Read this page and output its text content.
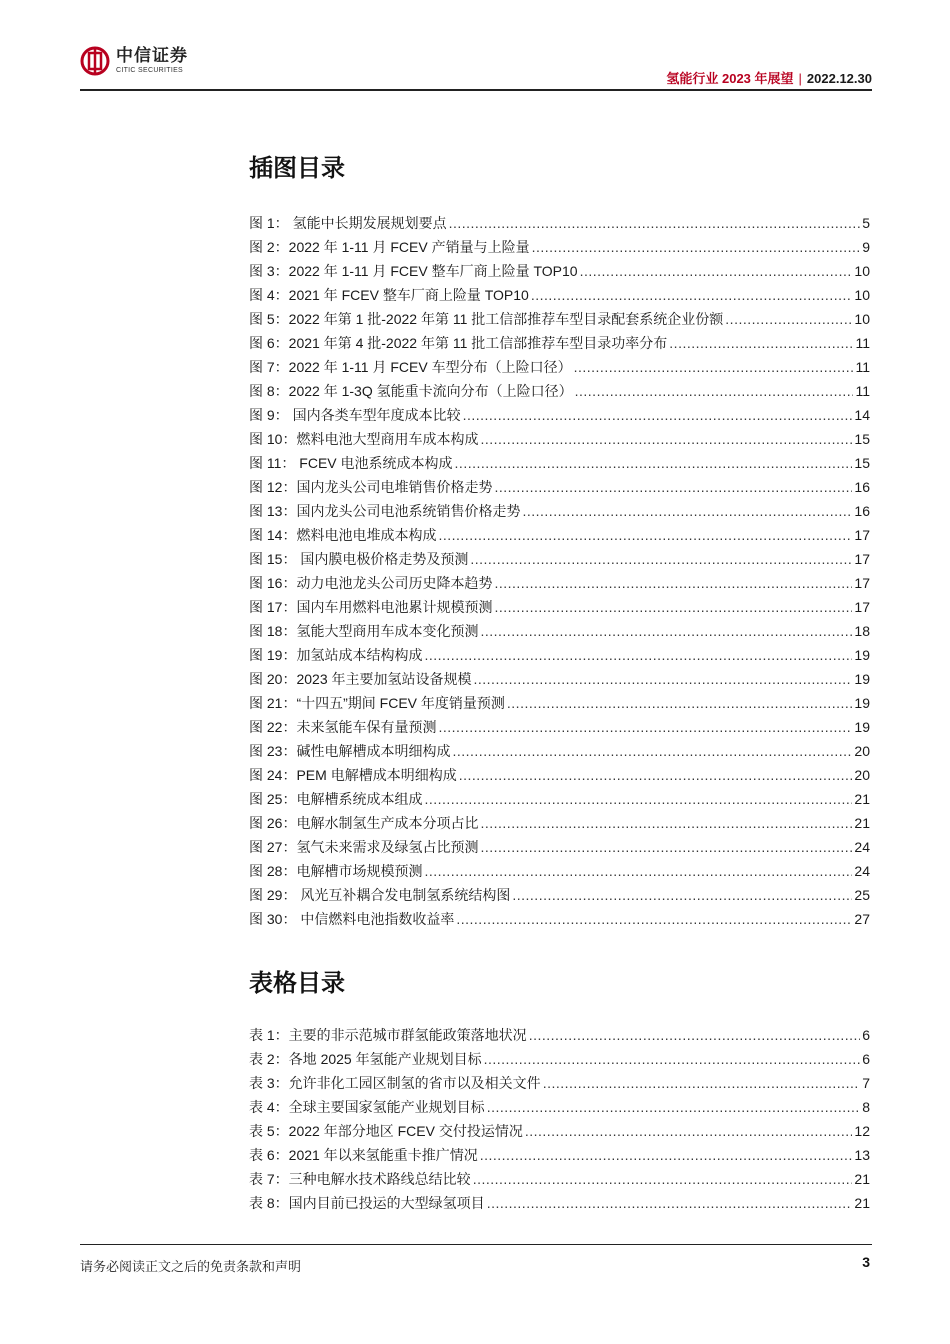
中信证券
CITIC SECURITIES
氢能行业 2023 年展望 | 2022.12.30
插图目录
图 1： 氢能中长期发展规划要点 .....	5
图 2：2022 年 1-11 月 FCEV 产销量与上险量 .....	9
图 3：2022 年 1-11 月 FCEV 整车厂商上险量 TOP10 .....	10
图 4：2021 年 FCEV 整车厂商上险量 TOP10 .....	10
图 5：2022 年第 1 批-2022 年第 11 批工信部推荐车型目录配套系统企业份额 .....	10
图 6：2021 年第 4 批-2022 年第 11 批工信部推荐车型目录功率分布 .....	11
图 7：2022 年 1-11 月 FCEV 车型分布（上险口径） .....	11
图 8：2022 年 1-3Q 氢能重卡流向分布（上险口径） .....	11
图 9： 国内各类车型年度成本比较 .....	14
图 10：燃料电池大型商用车成本构成 .....	15
图 11： FCEV 电池系统成本构成 .....	15
图 12：国内龙头公司电堆销售价格走势 .....	16
图 13：国内龙头公司电池系统销售价格走势 .....	16
图 14：燃料电池电堆成本构成 .....	17
图 15： 国内膜电极价格走势及预测 .....	17
图 16：动力电池龙头公司历史降本趋势 .....	17
图 17：国内车用燃料电池累计规模预测 .....	17
图 18：氢能大型商用车成本变化预测 .....	18
图 19：加氢站成本结构构成 .....	19
图 20：2023 年主要加氢站设备规模 .....	19
图 21：“十四五”期间 FCEV 年度销量预测 .....	19
图 22：未来氢能车保有量预测 .....	19
图 23：碱性电解槽成本明细构成 .....	20
图 24：PEM 电解槽成本明细构成 .....	20
图 25：电解槽系统成本组成 .....	21
图 26：电解水制氢生产成本分项占比 .....	21
图 27：氢气未来需求及绿氢占比预测 .....	24
图 28：电解槽市场规模预测 .....	24
图 29： 风光互补耦合发电制氢系统结构图 .....	25
图 30： 中信燃料电池指数收益率 .....	27
表格目录
表 1：主要的非示范城市群氢能政策落地状况 .....	6
表 2：各地 2025 年氢能产业规划目标 .....	6
表 3：允许非化工园区制氢的省市以及相关文件 .....	7
表 4：全球主要国家氢能产业规划目标 .....	8
表 5：2022 年部分地区 FCEV 交付投运情况 .....	12
表 6：2021 年以来氢能重卡推广情况 .....	13
表 7：三种电解水技术路线总结比较 .....	21
表 8：国内目前已投运的大型绿氢项目 .....	21
请务必阅读正文之后的免责条款和声明	3
